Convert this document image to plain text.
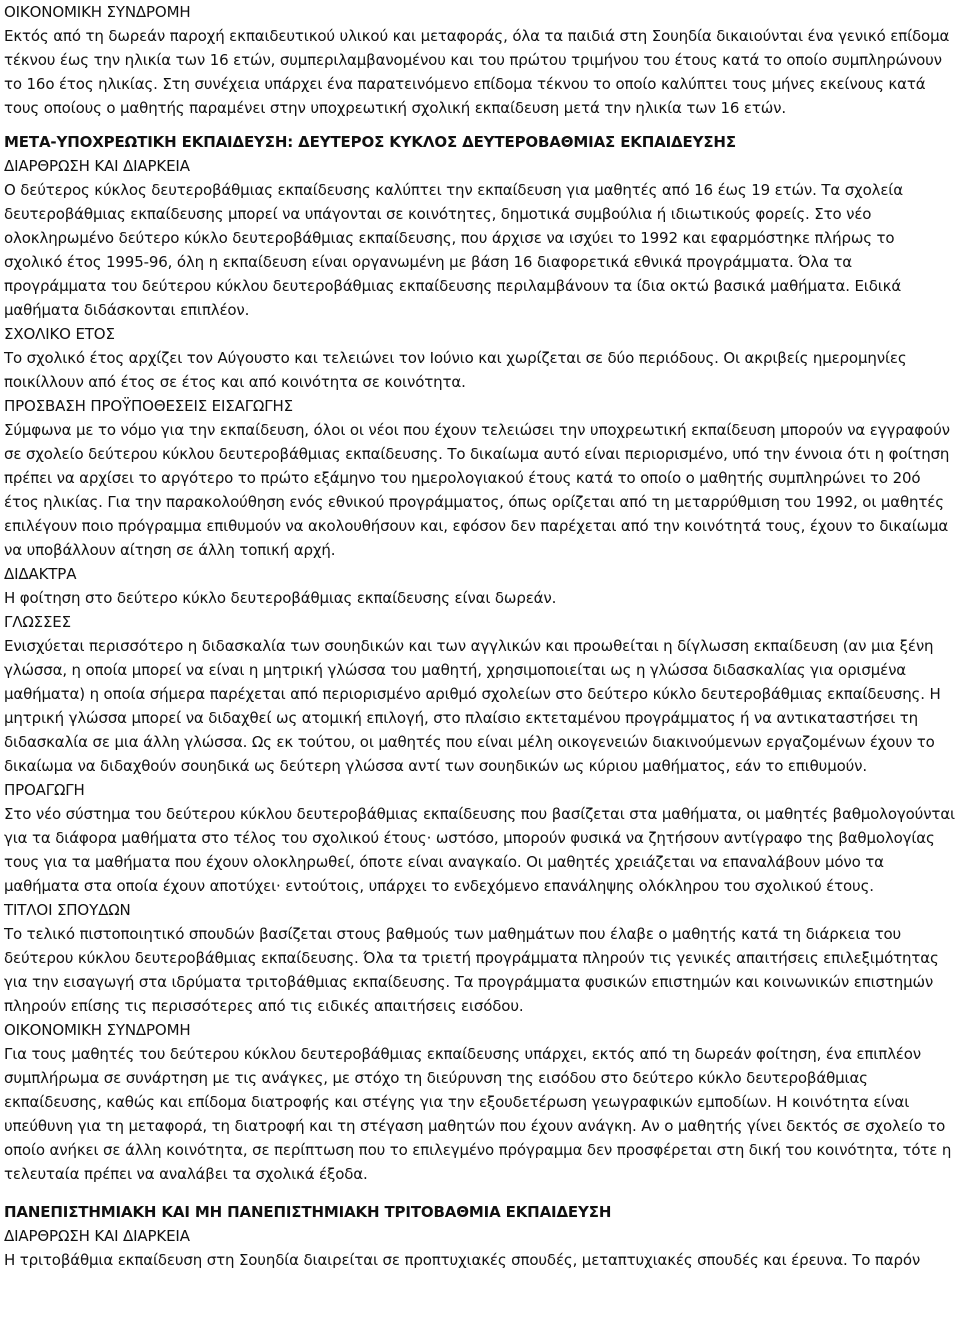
ΟΙΚΟΝΟΜΙΚΗ ΣΥΝΔΡΟΜΗ
Εκτός από τη δωρεάν παροχή εκπαιδευτικού υλικού και μεταφοράς, όλα τα παιδιά στη Σουηδία δικαιούνται ένα γενικό επίδομα τέκνου έως την ηλικία των 16 ετών, συμπεριλαμβανομένου και του πρώτου τριμήνου του έτους κατά το οποίο συμπληρώνουν το 16ο έτος ηλικίας. Στη συνέχεια υπάρχει ένα παρατεινόμενο επίδομα τέκνου το οποίο καλύπτει τους μήνες εκείνους κατά τους οποίους ο μαθητής παραμένει στην υποχρεωτική σχολική εκπαίδευση μετά την ηλικία των 16 ετών.
ΜΕΤΑ-ΥΠΟΧΡΕΩΤΙΚΗ ΕΚΠΑΙΔΕΥΣΗ: ΔΕΥΤΕΡΟΣ ΚΥΚΛΟΣ ΔΕΥΤΕΡΟΒΑΘΜΙΑΣ ΕΚΠΑΙΔΕΥΣΗΣ
ΔΙΑΡΘΡΩΣΗ ΚΑΙ ΔΙΑΡΚΕΙΑ
Ο δεύτερος κύκλος δευτεροβάθμιας εκπαίδευσης καλύπτει την εκπαίδευση για μαθητές από 16 έως 19 ετών. Τα σχολεία δευτεροβάθμιας εκπαίδευσης μπορεί να υπάγονται σε κοινότητες, δημοτικά συμβούλια ή ιδιωτικούς φορείς. Στο νέο ολοκληρωμένο δεύτερο κύκλο δευτεροβάθμιας εκπαίδευσης, που άρχισε να ισχύει το 1992 και εφαρμόστηκε πλήρως το σχολικό έτος 1995-96, όλη η εκπαίδευση είναι οργανωμένη με βάση 16 διαφορετικά εθνικά προγράμματα. Όλα τα προγράμματα του δεύτερου κύκλου δευτεροβάθμιας εκπαίδευσης περιλαμβάνουν τα ίδια οκτώ βασικά μαθήματα. Ειδικά μαθήματα διδάσκονται επιπλέον.
ΣΧΟΛΙΚΟ ΕΤΟΣ
Το σχολικό έτος αρχίζει τον Αύγουστο και τελειώνει τον Ιούνιο και χωρίζεται σε δύο περιόδους. Οι ακριβείς ημερομηνίες ποικίλλουν από έτος σε έτος και από κοινότητα σε κοινότητα.
ΠΡΟΣΒΑΣΗ ΠΡΟΫΠΟΘΕΣΕΙΣ ΕΙΣΑΓΩΓΗΣ
Σύμφωνα με το νόμο για την εκπαίδευση, όλοι οι νέοι που έχουν τελειώσει την υποχρεωτική εκπαίδευση μπορούν να εγγραφούν σε σχολείο δεύτερου κύκλου δευτεροβάθμιας εκπαίδευσης. Το δικαίωμα αυτό είναι περιορισμένο, υπό την έννοια ότι η φοίτηση πρέπει να αρχίσει το αργότερο το πρώτο εξάμηνο του ημερολογιακού έτους κατά το οποίο ο μαθητής συμπληρώνει το 20ό έτος ηλικίας. Για την παρακολούθηση ενός εθνικού προγράμματος, όπως ορίζεται από τη μεταρρύθμιση του 1992, οι μαθητές επιλέγουν ποιο πρόγραμμα επιθυμούν να ακολουθήσουν και, εφόσον δεν παρέχεται από την κοινότητά τους, έχουν το δικαίωμα να υποβάλλουν αίτηση σε άλλη τοπική αρχή.
ΔΙΔΑΚΤΡΑ
Η φοίτηση στο δεύτερο κύκλο δευτεροβάθμιας εκπαίδευσης είναι δωρεάν.
ΓΛΩΣΣΕΣ
Ενισχύεται περισσότερο η διδασκαλία των σουηδικών και των αγγλικών και προωθείται η δίγλωσση εκπαίδευση (αν μια ξένη γλώσσα, η οποία μπορεί να είναι η μητρική γλώσσα του μαθητή, χρησιμοποιείται ως η γλώσσα διδασκαλίας για ορισμένα μαθήματα) η οποία σήμερα παρέχεται από περιορισμένο αριθμό σχολείων στο δεύτερο κύκλο δευτεροβάθμιας εκπαίδευσης. Η μητρική γλώσσα μπορεί να διδαχθεί ως ατομική επιλογή, στο πλαίσιο εκτεταμένου προγράμματος ή να αντικαταστήσει τη διδασκαλία σε μια άλλη γλώσσα. Ως εκ τούτου, οι μαθητές που είναι μέλη οικογενειών διακινούμενων εργαζομένων έχουν το δικαίωμα να διδαχθούν σουηδικά ως δεύτερη γλώσσα αντί των σουηδικών ως κύριου μαθήματος, εάν το επιθυμούν.
ΠΡΟΑΓΩΓΗ
Στο νέο σύστημα του δεύτερου κύκλου δευτεροβάθμιας εκπαίδευσης που βασίζεται στα μαθήματα, οι μαθητές βαθμολογούνται για τα διάφορα μαθήματα στο τέλος του σχολικού έτους· ωστόσο, μπορούν φυσικά να ζητήσουν αντίγραφο της βαθμολογίας τους για τα μαθήματα που έχουν ολοκληρωθεί, όποτε είναι αναγκαίο. Οι μαθητές χρειάζεται να επαναλάβουν μόνο τα μαθήματα στα οποία έχουν αποτύχει· εντούτοις, υπάρχει το ενδεχόμενο επανάληψης ολόκληρου του σχολικού έτους.
ΤΙΤΛΟΙ ΣΠΟΥΔΩΝ
Το τελικό πιστοποιητικό σπουδών βασίζεται στους βαθμούς των μαθημάτων που έλαβε ο μαθητής κατά τη διάρκεια του δεύτερου κύκλου δευτεροβάθμιας εκπαίδευσης. Όλα τα τριετή προγράμματα πληρούν τις γενικές απαιτήσεις επιλεξιμότητας για την εισαγωγή στα ιδρύματα τριτοβάθμιας εκπαίδευσης. Τα προγράμματα φυσικών επιστημών και κοινωνικών επιστημών πληρούν επίσης τις περισσότερες από τις ειδικές απαιτήσεις εισόδου.
ΟΙΚΟΝΟΜΙΚΗ ΣΥΝΔΡΟΜΗ
Για τους μαθητές του δεύτερου κύκλου δευτεροβάθμιας εκπαίδευσης υπάρχει, εκτός από τη δωρεάν φοίτηση, ένα επιπλέον συμπλήρωμα σε συνάρτηση με τις ανάγκες, με στόχο τη διεύρυνση της εισόδου στο δεύτερο κύκλο δευτεροβάθμιας εκπαίδευσης, καθώς και επίδομα διατροφής και στέγης για την εξουδετέρωση γεωγραφικών εμποδίων. Η κοινότητα είναι υπεύθυνη για τη μεταφορά, τη διατροφή και τη στέγαση μαθητών που έχουν ανάγκη. Αν ο μαθητής γίνει δεκτός σε σχολείο το οποίο ανήκει σε άλλη κοινότητα, σε περίπτωση που το επιλεγμένο πρόγραμμα δεν προσφέρεται στη δική του κοινότητα, τότε η τελευταία πρέπει να αναλάβει τα σχολικά έξοδα.
ΠΑΝΕΠΙΣΤΗΜΙΑΚΗ ΚΑΙ ΜΗ ΠΑΝΕΠΙΣΤΗΜΙΑΚΗ ΤΡΙΤΟΒΑΘΜΙΑ ΕΚΠΑΙΔΕΥΣΗ
ΔΙΑΡΘΡΩΣΗ ΚΑΙ ΔΙΑΡΚΕΙΑ
Η τριτοβάθμια εκπαίδευση στη Σουηδία διαιρείται σε προπτυχιακές σπουδές, μεταπτυχιακές σπουδές και έρευνα. Το παρόν
